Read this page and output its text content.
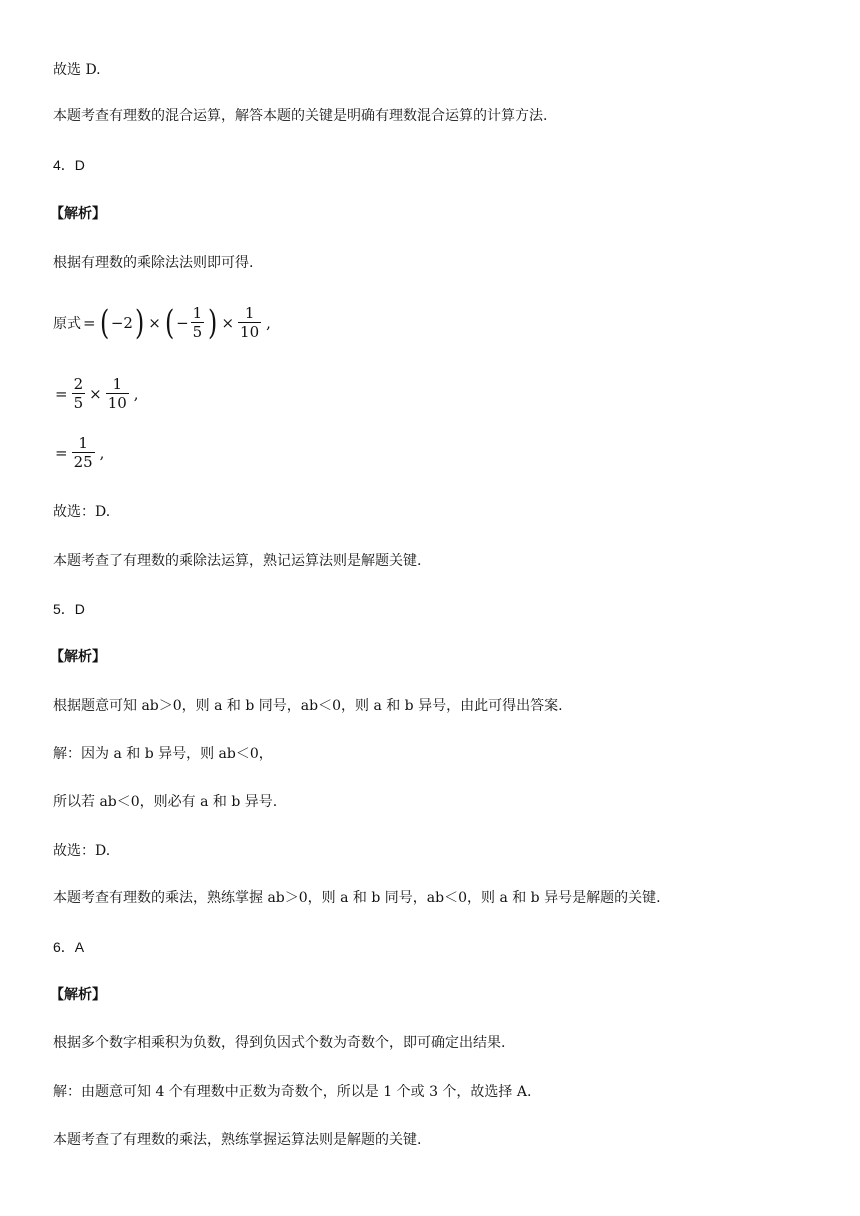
故选 D.
本题考查有理数的混合运算，解答本题的关键是明确有理数混合运算的计算方法.
4．D
【解析】
根据有理数的乘除法法则即可得.
原式 = ( −2 ) × ( − $\frac{1}{5}$ ) × $\frac{1}{10}$ ,
= $\frac{2}{5} \times \frac{1}{10}$ ,
= $\frac{1}{25}$ ,
故选：D.
本题考查了有理数的乘除法运算，熟记运算法则是解题关键.
5．D
【解析】
根据题意可知 ab＞0，则 a 和 b 同号，ab＜0，则 a 和 b 异号，由此可得出答案.
解：因为 a 和 b 异号，则 ab＜0，
所以若 ab＜0，则必有 a 和 b 异号.
故选：D.
本题考查有理数的乘法，熟练掌握 ab＞0，则 a 和 b 同号，ab＜0，则 a 和 b 异号是解题的关键.
6．A
【解析】
根据多个数字相乘积为负数，得到负因式个数为奇数个，即可确定出结果.
解：由题意可知 4 个有理数中正数为奇数个，所以是 1 个或 3 个，故选择 A.
本题考查了有理数的乘法，熟练掌握运算法则是解题的关键.
